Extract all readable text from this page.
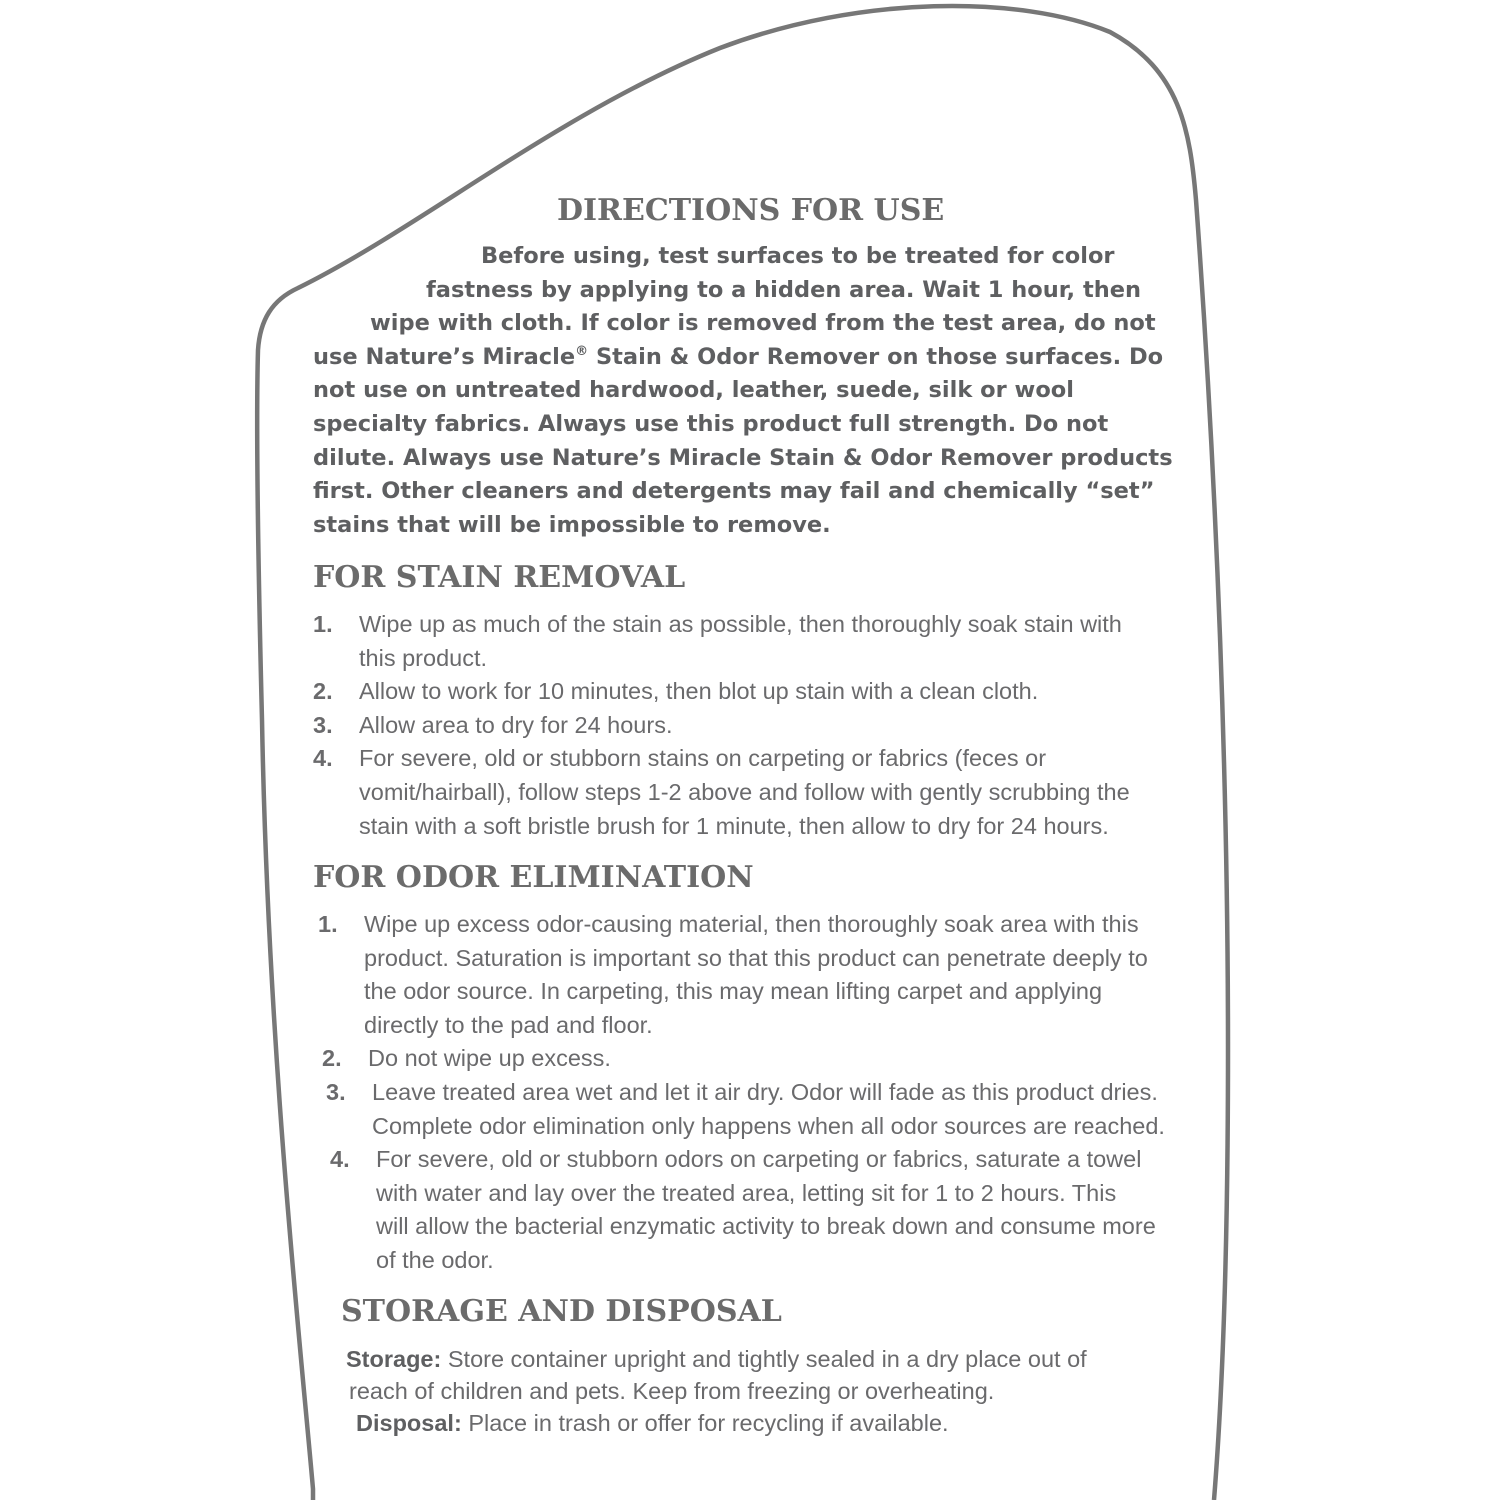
DIRECTIONS FOR USE

Before using, test surfaces to be treated for color
fastness by applying to a hidden area. Wait 1 hour, then
wipe with cloth. If color is removed from the test area, do not
use Nature’s Miracle® Stain & Odor Remover on those surfaces. Do
not use on untreated hardwood, leather, suede, silk or wool
specialty fabrics. Always use this product full strength. Do not
dilute. Always use Nature’s Miracle Stain & Odor Remover products
first. Other cleaners and detergents may fail and chemically “set”
stains that will be impossible to remove.

FOR STAIN REMOVAL
1. Wipe up as much of the stain as possible, then thoroughly soak stain with
this product.
2. Allow to work for 10 minutes, then blot up stain with a clean cloth.
3. Allow area to dry for 24 hours.
4. For severe, old or stubborn stains on carpeting or fabrics (feces or
vomit/hairball), follow steps 1-2 above and follow with gently scrubbing the
stain with a soft bristle brush for 1 minute, then allow to dry for 24 hours.
FOR ODOR ELIMINATION
1. Wipe up excess odor-causing material, then thoroughly soak area with this
product. Saturation is important so that this product can penetrate deeply to
the odor source. In carpeting, this may mean lifting carpet and applying
directly to the pad and floor.
2. Do not wipe up excess.
3. Leave treated area wet and let it air dry. Odor will fade as this product dries.
Complete odor elimination only happens when all odor sources are reached.
4. For severe, old or stubborn odors on carpeting or fabrics, saturate a towel
with water and lay over the treated area, letting sit for 1 to 2 hours. This
will allow the bacterial enzymatic activity to break down and consume more
of the odor.
STORAGE AND DISPOSAL

Storage: Store container upright and tightly sealed in a dry place out of
reach of children and pets. Keep from freezing or overheating.
Disposal: Place in trash or offer for recycling if available.
